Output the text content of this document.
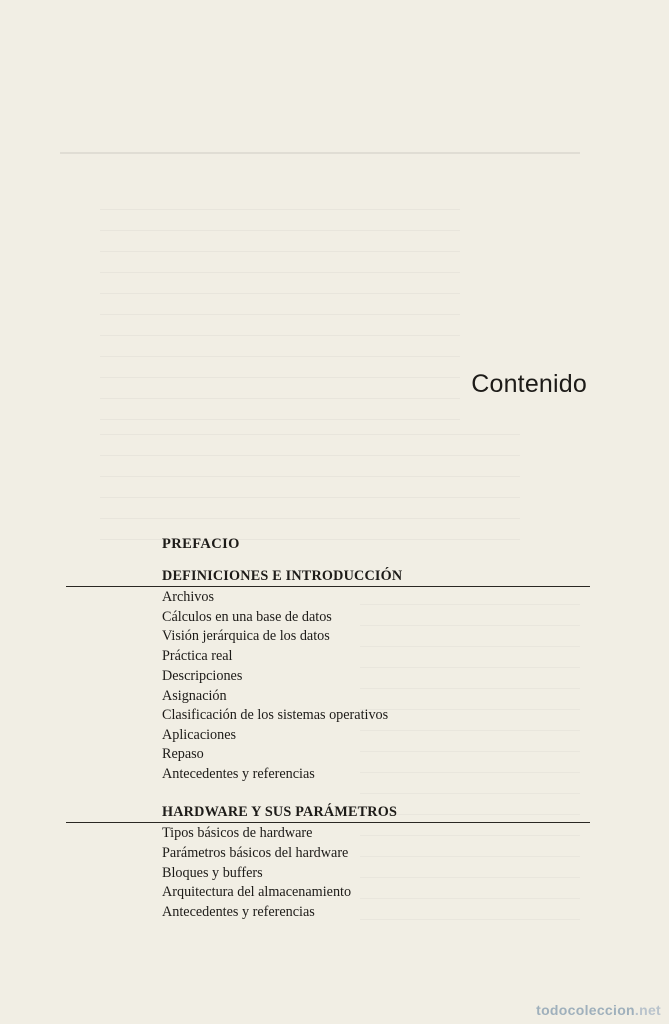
Contenido
PREFACIO
DEFINICIONES E INTRODUCCIÓN
Archivos
Cálculos en una base de datos
Visión jerárquica de los datos
Práctica real
Descripciones
Asignación
Clasificación de los sistemas operativos
Aplicaciones
Repaso
Antecedentes y referencias
HARDWARE Y SUS PARÁMETROS
Tipos básicos de hardware
Parámetros básicos del hardware
Bloques y buffers
Arquitectura del almacenamiento
Antecedentes y referencias
todocoleccion.net
